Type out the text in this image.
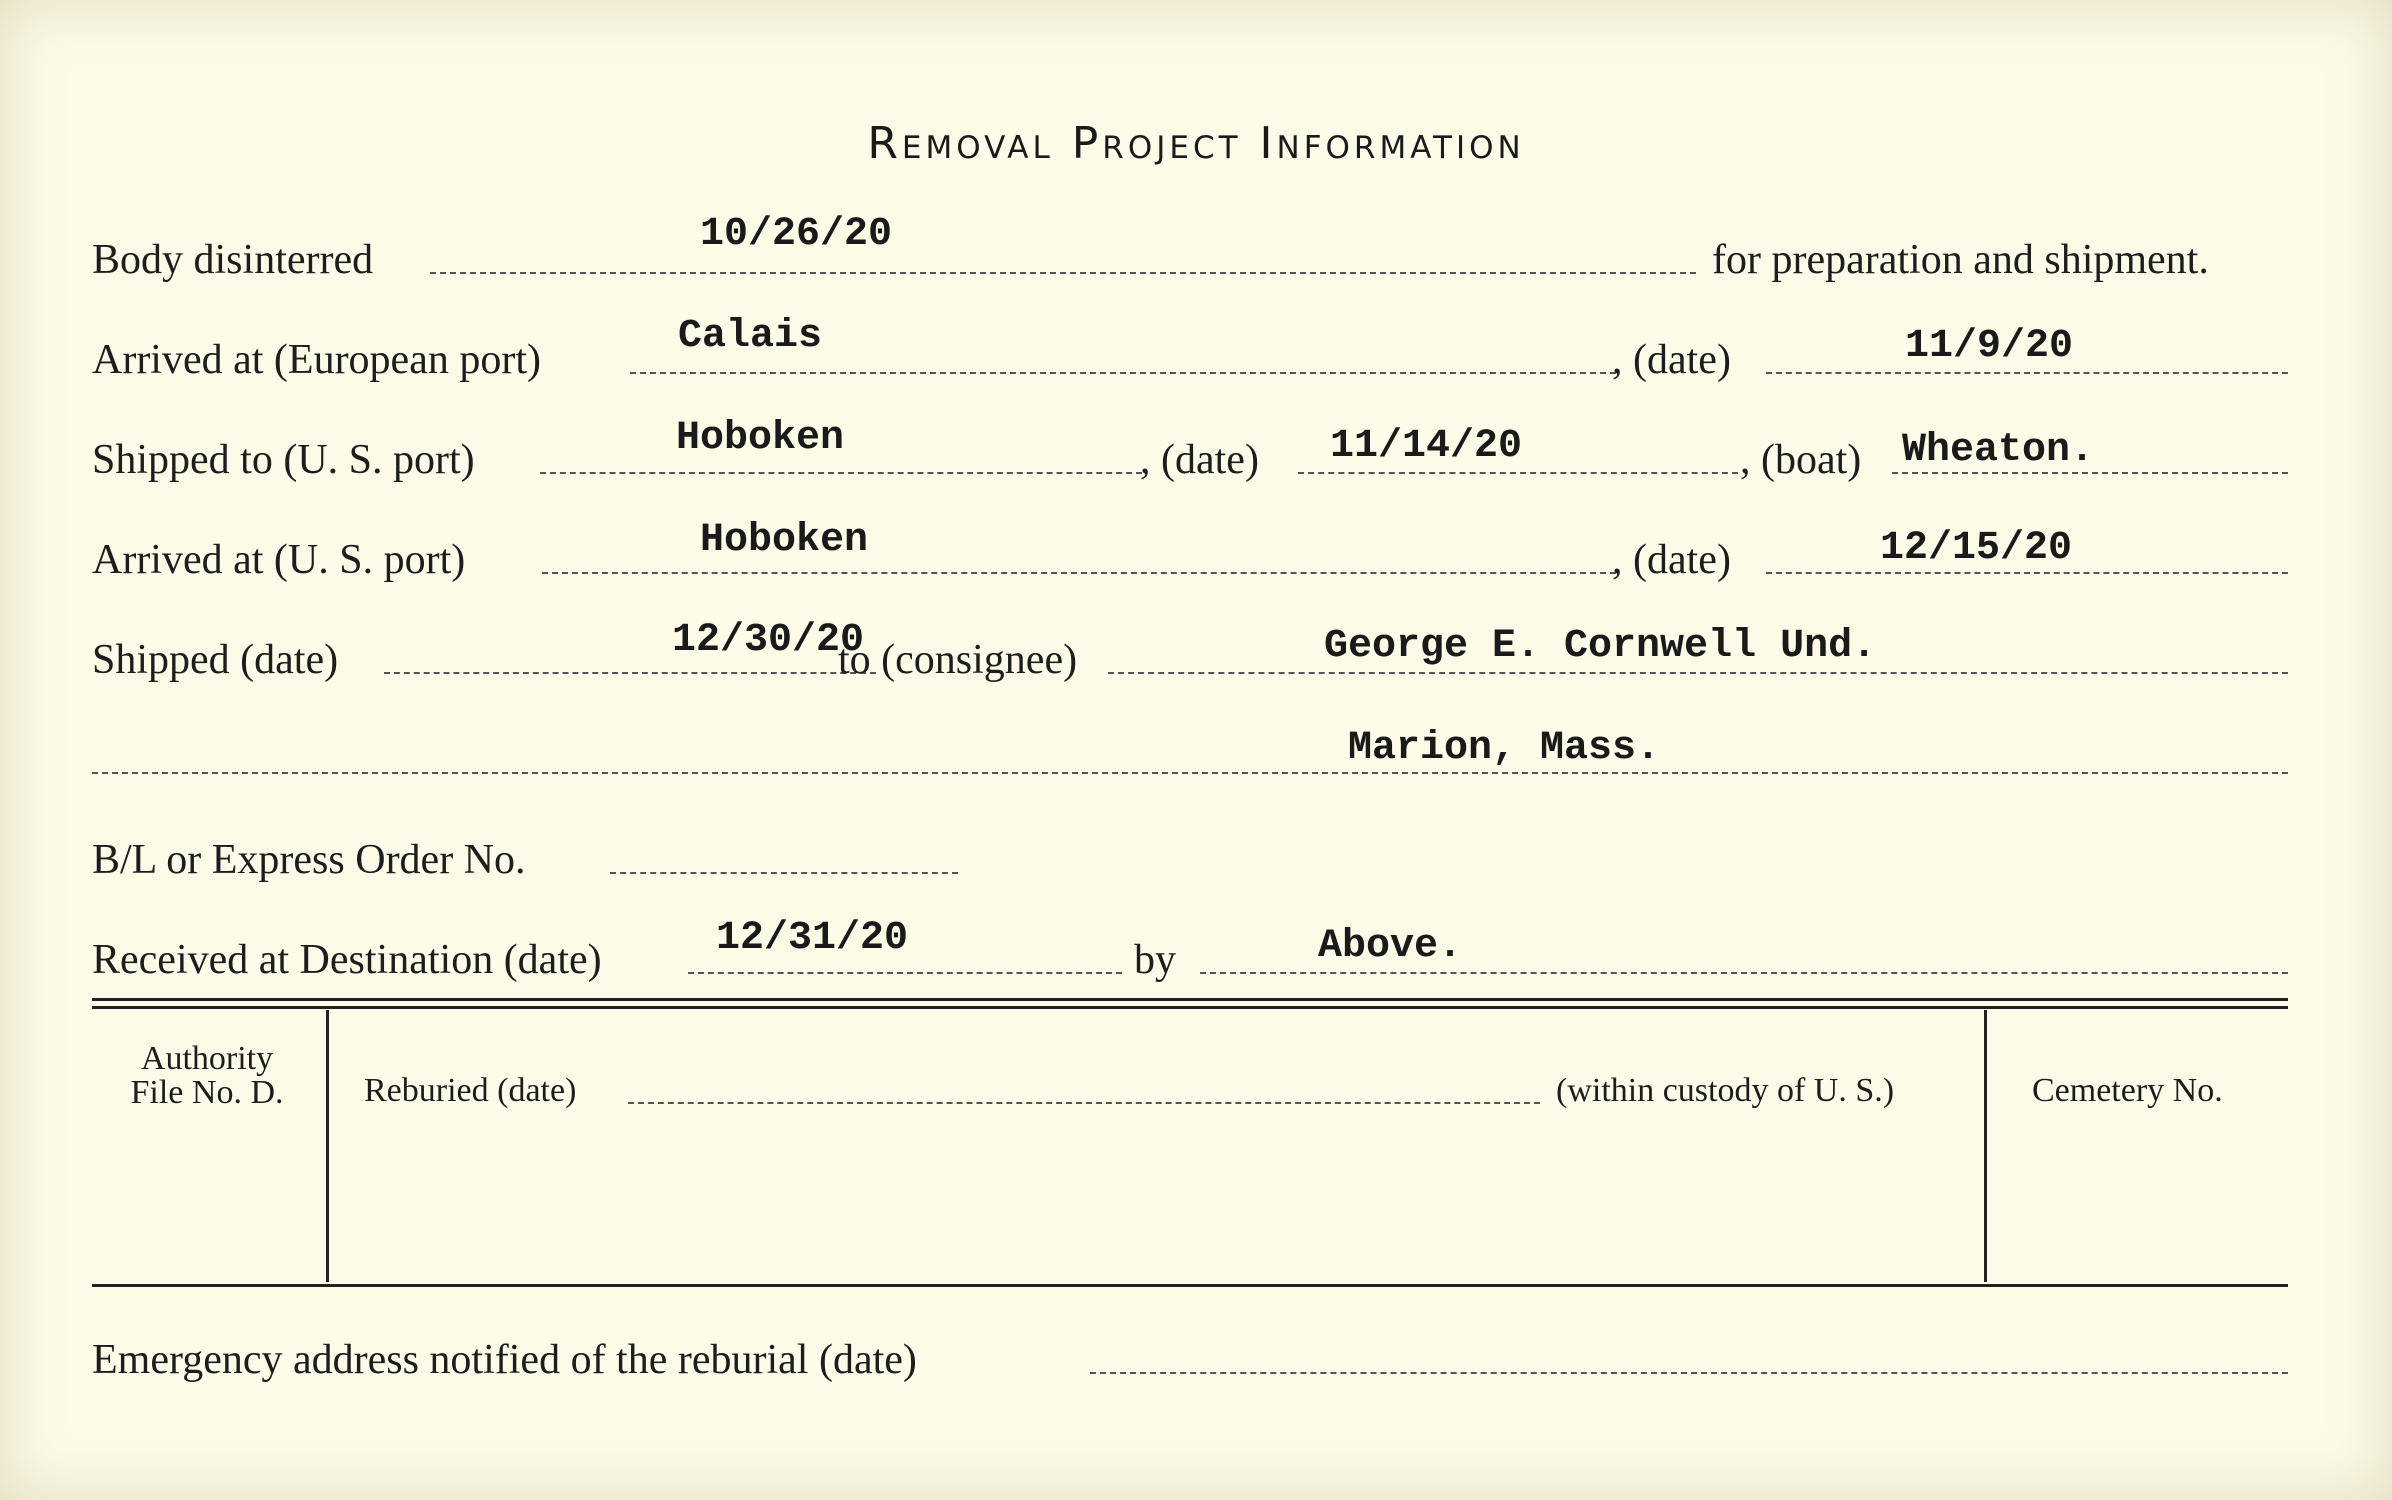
Removal Project Information
Body disinterred
10/26/20
for preparation and shipment.
Arrived at (European port)
Calais
, (date)	11/9/20
Shipped to (U. S. port)	Hoboken	, (date) 11/14/20	, (boat) Wheaton.
Arrived at (U. S. port)	Hoboken	, (date)	12/15/20
Shipped (date)	12/30/20
to (consignee)	George E. Cornwell Und.
Marion, Mass.
B/L or Express Order No.
Received at Destination (date)	12/31/20	by	Above.
Authority
File No. D.	Reburied (date)	(within custody of U. S.)	Cemetery No.
Emergency address notified of the reburial (date)
